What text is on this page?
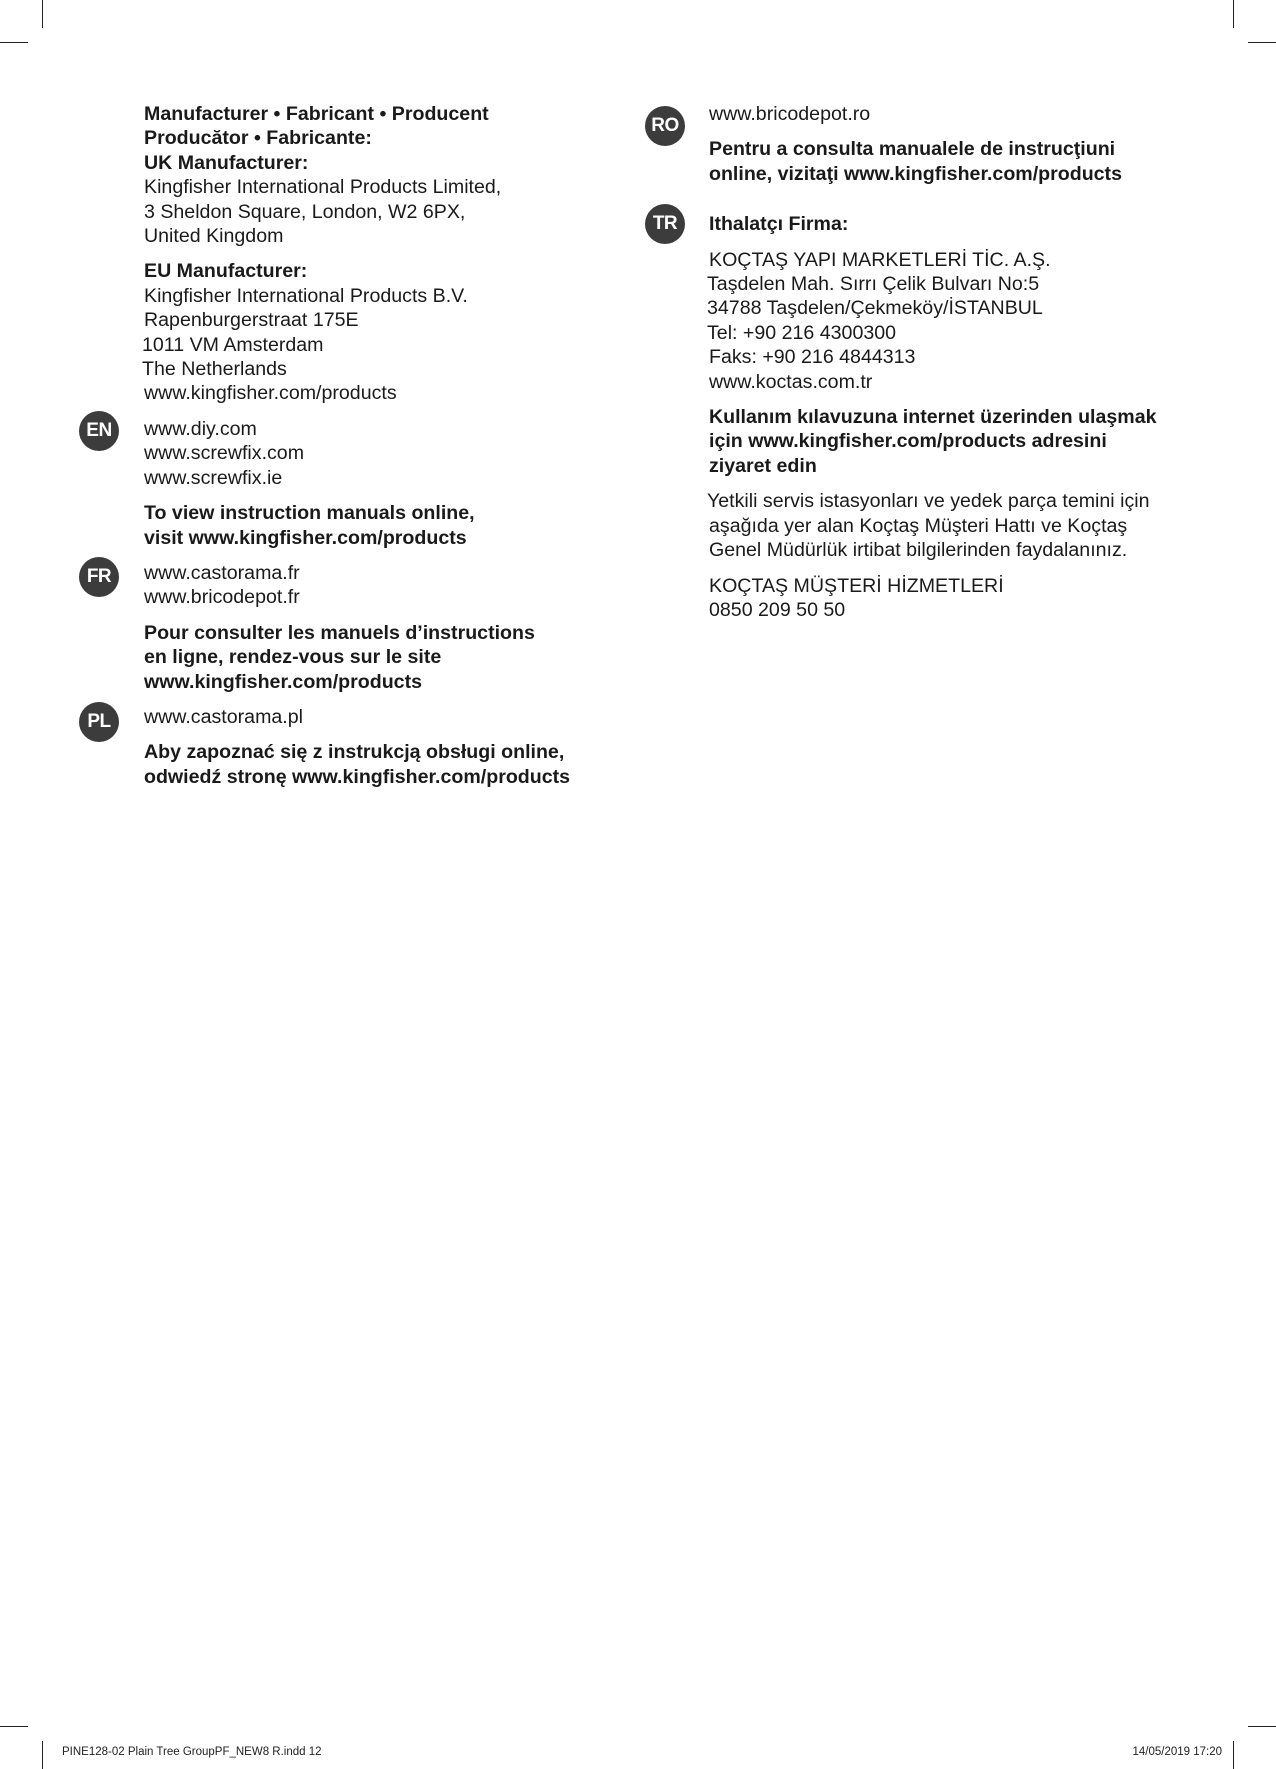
EN
FR
PL
RO
TR
Manufacturer • Fabricant • Producent
Producător • Fabricante:
UK Manufacturer:
Kingfisher International Products Limited,
3 Sheldon Square, London, W2 6PX,
United Kingdom
EU Manufacturer:
Kingfisher International Products B.V.
Rapenburgerstraat 175E
1011 VM Amsterdam
The Netherlands
www.kingfisher.com/products
www.diy.com
www.screwfix.com
www.screwfix.ie
To view instruction manuals online,
visit www.kingfisher.com/products
www.castorama.fr
www.bricodepot.fr
Pour consulter les manuels d’instructions
en ligne, rendez-vous sur le site
www.kingfisher.com/products
www.castorama.pl
Aby zapoznać się z instrukcją obsługi online,
odwiedź stronę www.kingfisher.com/products
www.bricodepot.ro
Pentru a consulta manualele de instrucţiuni
online, vizitaţi www.kingfisher.com/products
Ithalatçı Firma:
KOÇTAŞ YAPI MARKETLERİ TİC. A.Ş.
Taşdelen Mah. Sırrı Çelik Bulvarı No:5
34788 Taşdelen/Çekmeköy/İSTANBUL
Tel: +90 216 4300300
Faks: +90 216 4844313
www.koctas.com.tr
Kullanım kılavuzuna internet üzerinden ulaşmak
için www.kingfisher.com/products adresini
ziyaret edin
Yetkili servis istasyonları ve yedek parça temini için
aşağıda yer alan Koçtaş Müşteri Hattı ve Koçtaş
Genel Müdürlük irtibat bilgilerinden faydalanınız.
KOÇTAŞ MÜŞTERİ HİZMETLERİ
0850 209 50 50
PINE128-02 Plain Tree GroupPF_NEW8 R.indd 12	14/05/2019 17:20
